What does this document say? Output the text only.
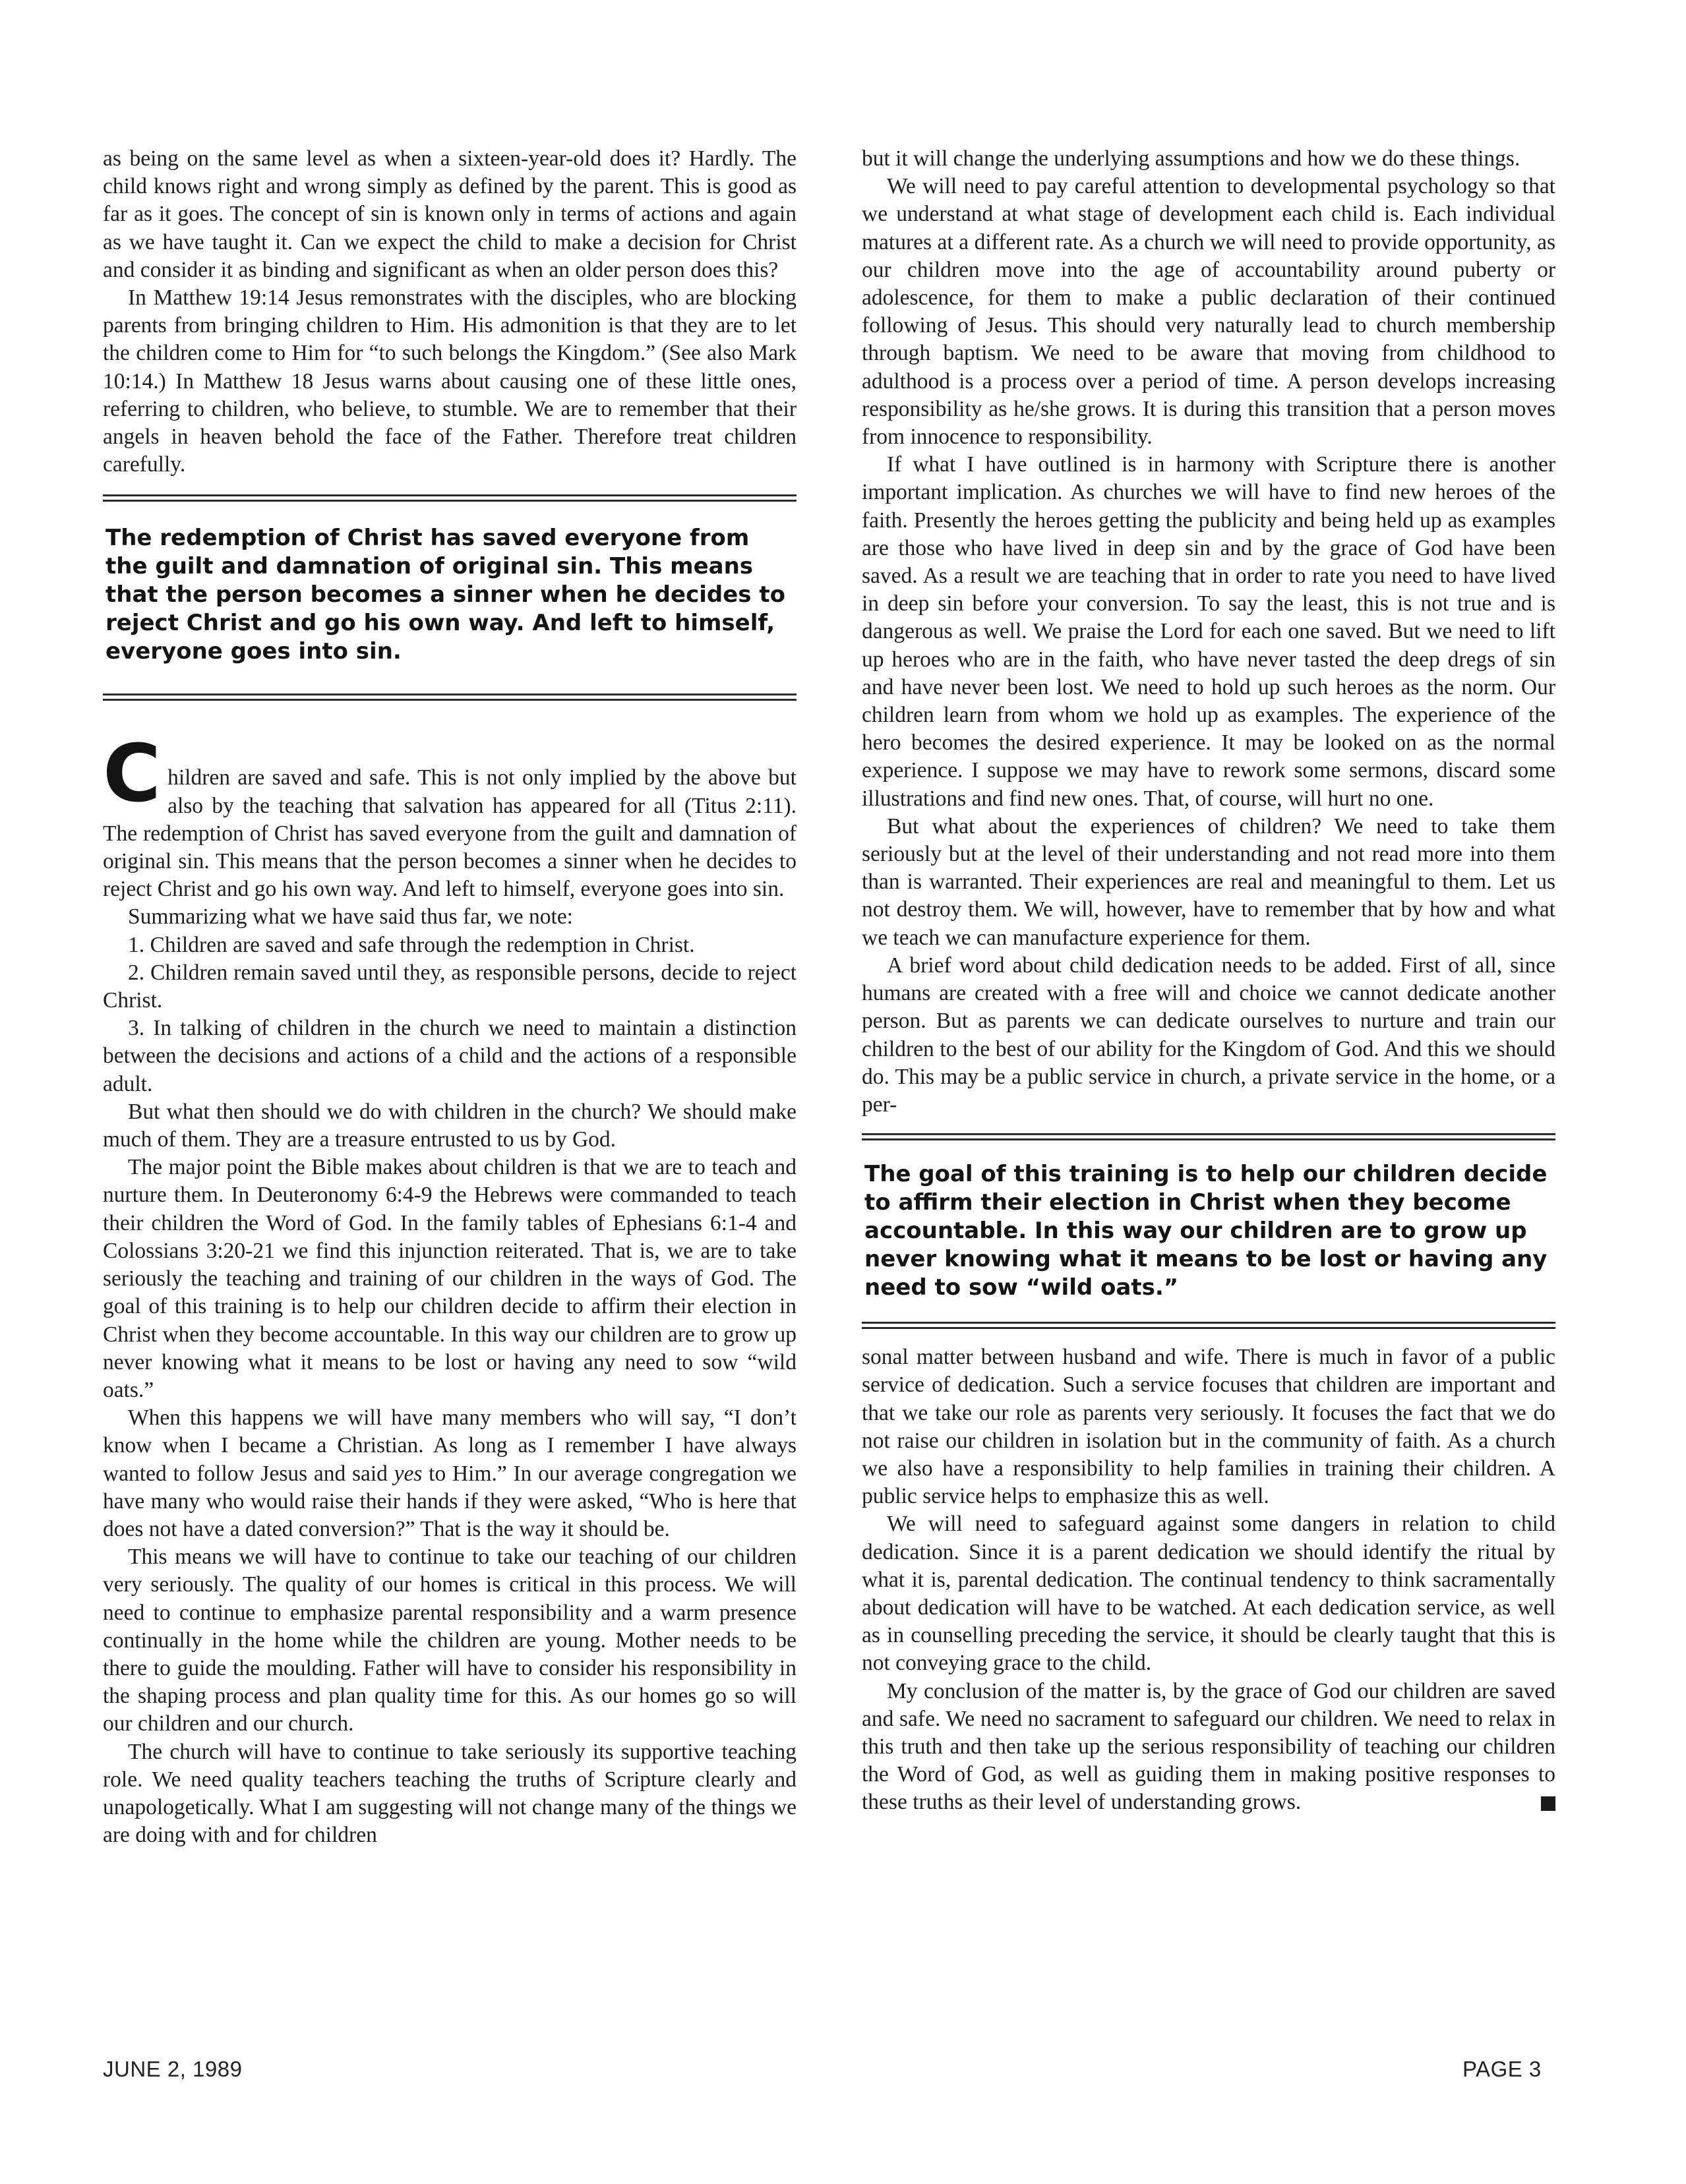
as being on the same level as when a sixteen-year-old does it? Hardly. The child knows right and wrong simply as defined by the parent. This is good as far as it goes. The concept of sin is known only in terms of actions and again as we have taught it. Can we expect the child to make a decision for Christ and consider it as binding and significant as when an older person does this?

In Matthew 19:14 Jesus remonstrates with the disciples, who are blocking parents from bringing children to Him. His admonition is that they are to let the children come to Him for “to such belongs the Kingdom.” (See also Mark 10:14.) In Matthew 18 Jesus warns about causing one of these little ones, referring to children, who believe, to stumble. We are to remember that their angels in heaven behold the face of the Father. Therefore treat children carefully.

The redemption of Christ has saved everyone from the guilt and damnation of original sin. This means that the person becomes a sinner when he decides to reject Christ and go his own way. And left to himself, everyone goes into sin.
C hildren are saved and safe. This is not only implied by the above but also by the teaching that salvation has appeared for all (Titus 2:11). The redemption of Christ has saved everyone from the guilt and damnation of original sin. This means that the person becomes a sinner when he decides to reject Christ and go his own way. And left to himself, everyone goes into sin.

Summarizing what we have said thus far, we note:

1. Children are saved and safe through the redemption in Christ.

2. Children remain saved until they, as responsible persons, decide to reject Christ.

3. In talking of children in the church we need to maintain a distinction between the decisions and actions of a child and the actions of a responsible adult.

But what then should we do with children in the church? We should make much of them. They are a treasure entrusted to us by God.

The major point the Bible makes about children is that we are to teach and nurture them. In Deuteronomy 6:4-9 the Hebrews were commanded to teach their children the Word of God. In the family tables of Ephesians 6:1-4 and Colossians 3:20-21 we find this injunction reiterated. That is, we are to take seriously the teaching and training of our children in the ways of God. The goal of this training is to help our children decide to affirm their election in Christ when they become accountable. In this way our children are to grow up never knowing what it means to be lost or having any need to sow “wild oats.”

When this happens we will have many members who will say, “I don’t know when I became a Christian. As long as I remember I have always wanted to follow Jesus and said yes to Him.” In our average congregation we have many who would raise their hands if they were asked, “Who is here that does not have a dated conversion?” That is the way it should be.

This means we will have to continue to take our teaching of our children very seriously. The quality of our homes is critical in this process. We will need to continue to emphasize parental responsibility and a warm presence continually in the home while the children are young. Mother needs to be there to guide the moulding. Father will have to consider his responsibility in the shaping process and plan quality time for this. As our homes go so will our children and our church.

The church will have to continue to take seriously its supportive teaching role. We need quality teachers teaching the truths of Scripture clearly and unapologetically. What I am suggesting will not change many of the things we are doing with and for children

but it will change the underlying assumptions and how we do these things.

We will need to pay careful attention to developmental psychology so that we understand at what stage of development each child is. Each individual matures at a different rate. As a church we will need to provide opportunity, as our children move into the age of accountability around puberty or adolescence, for them to make a public declaration of their continued following of Jesus. This should very naturally lead to church membership through baptism. We need to be aware that moving from childhood to adulthood is a process over a period of time. A person develops increasing responsibility as he/she grows. It is during this transition that a person moves from innocence to responsibility.

If what I have outlined is in harmony with Scripture there is another important implication. As churches we will have to find new heroes of the faith. Presently the heroes getting the publicity and being held up as examples are those who have lived in deep sin and by the grace of God have been saved. As a result we are teaching that in order to rate you need to have lived in deep sin before your conversion. To say the least, this is not true and is dangerous as well. We praise the Lord for each one saved. But we need to lift up heroes who are in the faith, who have never tasted the deep dregs of sin and have never been lost. We need to hold up such heroes as the norm. Our children learn from whom we hold up as examples. The experience of the hero becomes the desired experience. It may be looked on as the normal experience. I suppose we may have to rework some sermons, discard some illustrations and find new ones. That, of course, will hurt no one.

But what about the experiences of children? We need to take them seriously but at the level of their understanding and not read more into them than is warranted. Their experiences are real and meaningful to them. Let us not destroy them. We will, however, have to remember that by how and what we teach we can manufacture experience for them.

A brief word about child dedication needs to be added. First of all, since humans are created with a free will and choice we cannot dedicate another person. But as parents we can dedicate ourselves to nurture and train our children to the best of our ability for the Kingdom of God. And this we should do. This may be a public service in church, a private service in the home, or a per-

The goal of this training is to help our children decide to affirm their election in Christ when they become accountable. In this way our children are to grow up never knowing what it means to be lost or having any need to sow “wild oats.”

sonal matter between husband and wife. There is much in favor of a public service of dedication. Such a service focuses that children are important and that we take our role as parents very seriously. It focuses the fact that we do not raise our children in isolation but in the community of faith. As a church we also have a responsibility to help families in training their children. A public service helps to emphasize this as well.

We will need to safeguard against some dangers in relation to child dedication. Since it is a parent dedication we should identify the ritual by what it is, parental dedication. The continual tendency to think sacramentally about dedication will have to be watched. At each dedication service, as well as in counselling preceding the service, it should be clearly taught that this is not conveying grace to the child.

My conclusion of the matter is, by the grace of God our children are saved and safe. We need no sacrament to safeguard our children. We need to relax in this truth and then take up the serious responsibility of teaching our children the Word of God, as well as guiding them in making positive responses to these truths as their level of understanding grows.

JUNE 2, 1989	PAGE 3
